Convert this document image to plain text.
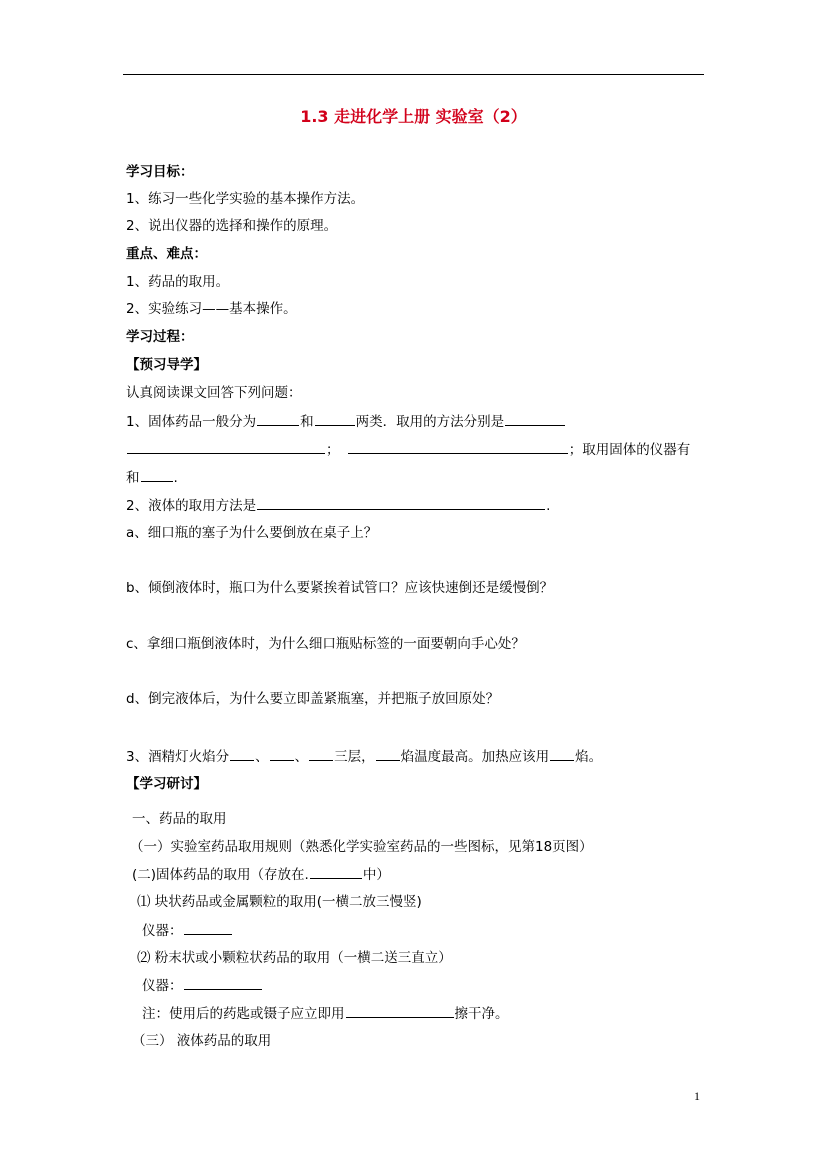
1.3 走进化学上册 实验室（2）
学习目标：
1、练习一些化学实验的基本操作方法。
2、说出仪器的选择和操作的原理。
重点、难点：
1、药品的取用。
2、实验练习——基本操作。
学习过程：
【预习导学】
认真阅读课文回答下列问题：
1、固体药品一般分为	和	两类．取用的方法分别是
；	；取用固体的仪器有
和	.
2、液体的取用方法是	.
a、细口瓶的塞子为什么要倒放在桌子上？
b、倾倒液体时，瓶口为什么要紧挨着试管口？应该快速倒还是缓慢倒？
c、拿细口瓶倒液体时，为什么细口瓶贴标签的一面要朝向手心处？
d、倒完液体后，为什么要立即盖紧瓶塞，并把瓶子放回原处？
3、酒精灯火焰分 、 、 三层， 焰温度最高。加热应该用 焰。
【学习研讨】
一、药品的取用
（一）实验室药品取用规则（熟悉化学实验室药品的一些图标，见第18页图）
(二)固体药品的取用（存放在.	中）
⑴ 块状药品或金属颗粒的取用(一横二放三慢竖)
仪器：
⑵ 粉末状或小颗粒状药品的取用（一横二送三直立）
仪器：
注：使用后的药匙或镊子应立即用	擦干净。
（三） 液体药品的取用
1
